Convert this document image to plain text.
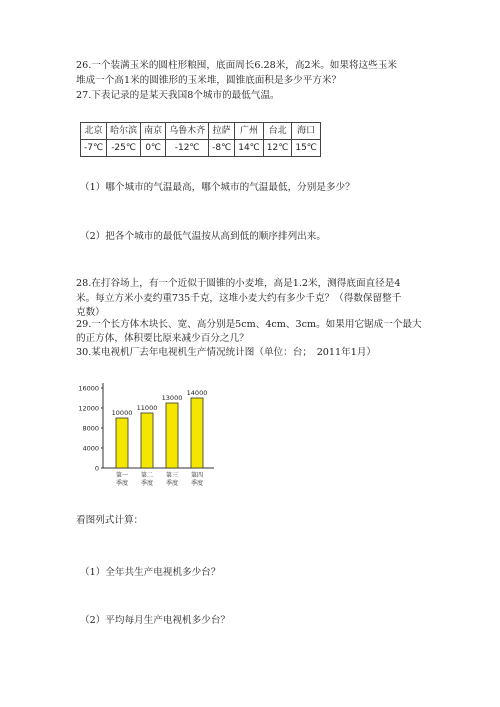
26.一个装满玉米的圆柱形粮囤，底面周长6.28米，高2米。如果将这些玉米
堆成一个高1米的圆锥形的玉米堆，圆锥底面积是多少平方米？
27.下表记录的是某天我国8个城市的最低气温。
北京	哈尔滨	南京	乌鲁木齐	拉萨	广州	台北	海口
-7℃	-25℃	0℃	-12℃	-8℃	14℃	12℃	15℃
（1）哪个城市的气温最高，哪个城市的气温最低，分别是多少？
（2）把各个城市的最低气温按从高到低的顺序排列出来。
28.在打谷场上，有一个近似于圆锥的小麦堆，高是1.2米，测得底面直径是4
米。每立方米小麦约重735千克，这堆小麦大约有多少千克？（得数保留整千
克数）
29.一个长方体木块长、宽、高分别是5cm、4cm、3cm。如果用它锯成一个最大
的正方体，体积要比原来减少百分之几？
30.某电视机厂去年电视机生产情况统计图（单位：台；　2011年1月）
0
4000
8000
12000
16000
10000
第一
季度
11000
第二
季度
13000
第三
季度
14000
第四
季度
看图列式计算：
（1）全年共生产电视机多少台？
（2）平均每月生产电视机多少台？
